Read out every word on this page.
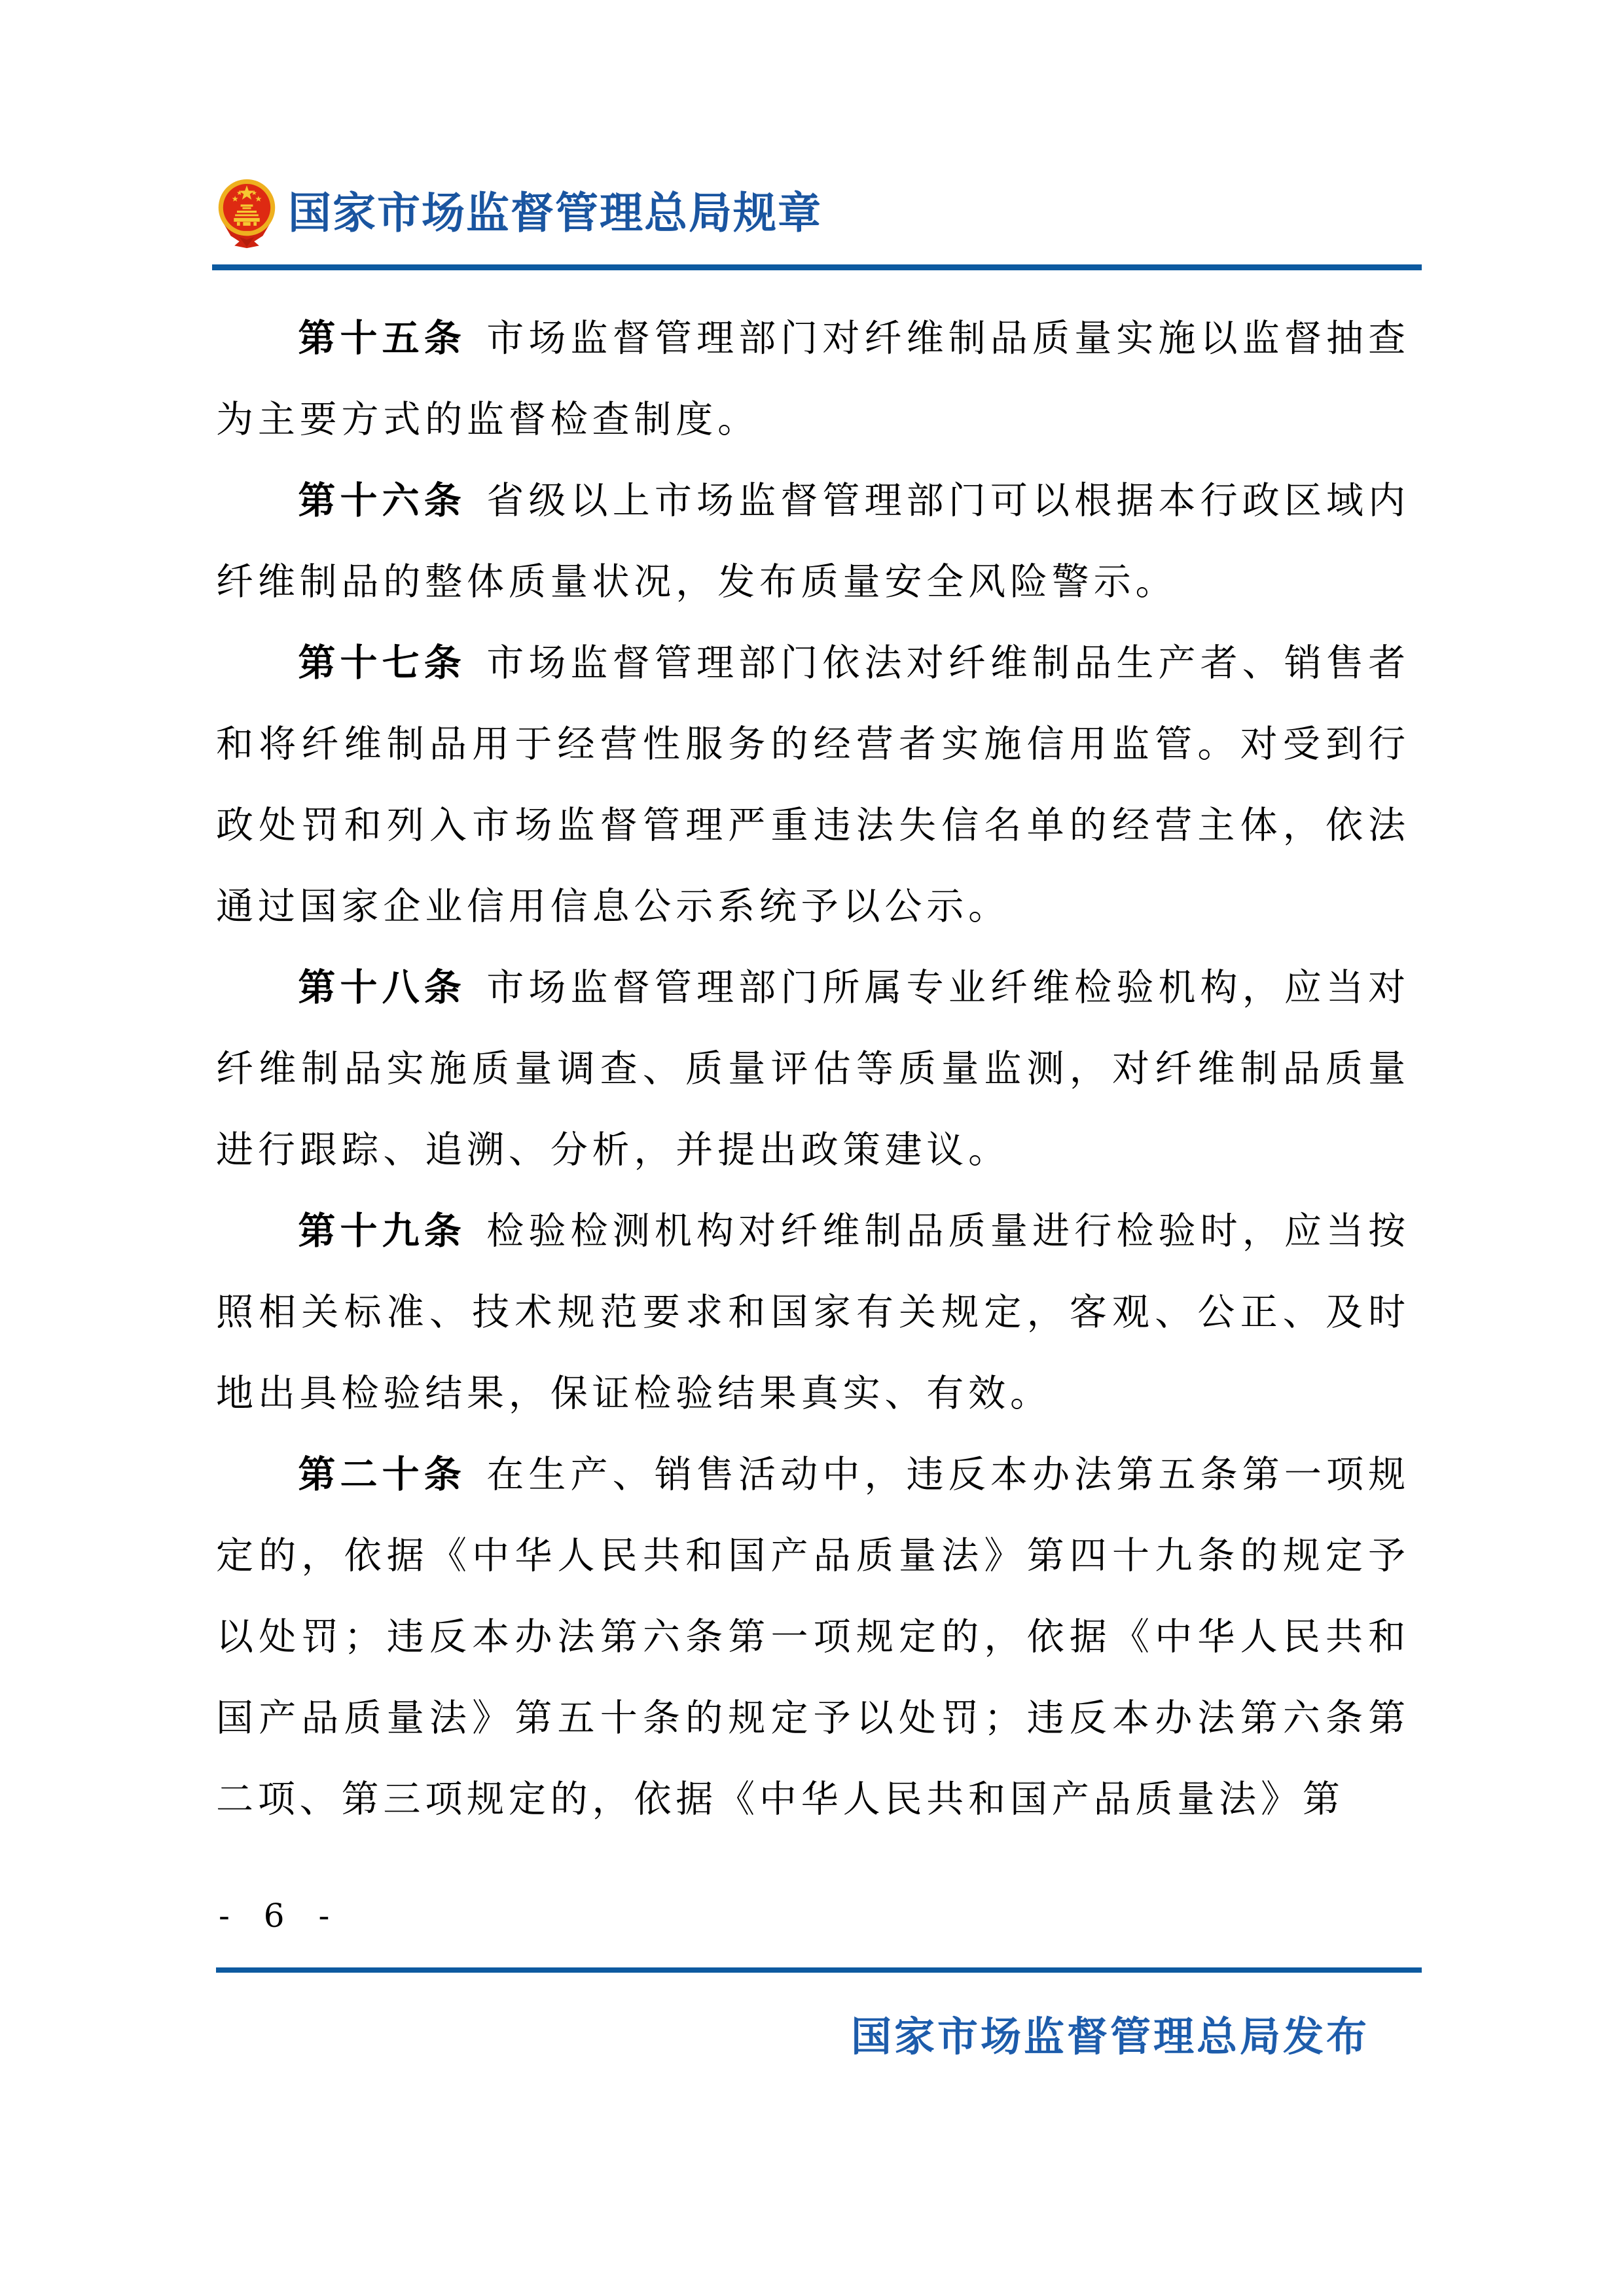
国家市场监督管理总局规章

第十五条 市场监督管理部门对纤维制品质量实施以监督抽查为主要方式的监督检查制度。

第十六条 省级以上市场监督管理部门可以根据本行政区域内纤维制品的整体质量状况，发布质量安全风险警示。

第十七条 市场监督管理部门依法对纤维制品生产者、销售者和将纤维制品用于经营性服务的经营者实施信用监管。对受到行政处罚和列入市场监督管理严重违法失信名单的经营主体，依法通过国家企业信用信息公示系统予以公示。

第十八条 市场监督管理部门所属专业纤维检验机构，应当对纤维制品实施质量调查、质量评估等质量监测，对纤维制品质量进行跟踪、追溯、分析，并提出政策建议。

第十九条 检验检测机构对纤维制品质量进行检验时，应当按照相关标准、技术规范要求和国家有关规定，客观、公正、及时地出具检验结果，保证检验结果真实、有效。

第二十条 在生产、销售活动中，违反本办法第五条第一项规定的，依据《中华人民共和国产品质量法》第四十九条的规定予以处罚；违反本办法第六条第一项规定的，依据《中华人民共和国产品质量法》第五十条的规定予以处罚；违反本办法第六条第二项、第三项规定的，依据《中华人民共和国产品质量法》第

- 6 -
国家市场监督管理总局发布
